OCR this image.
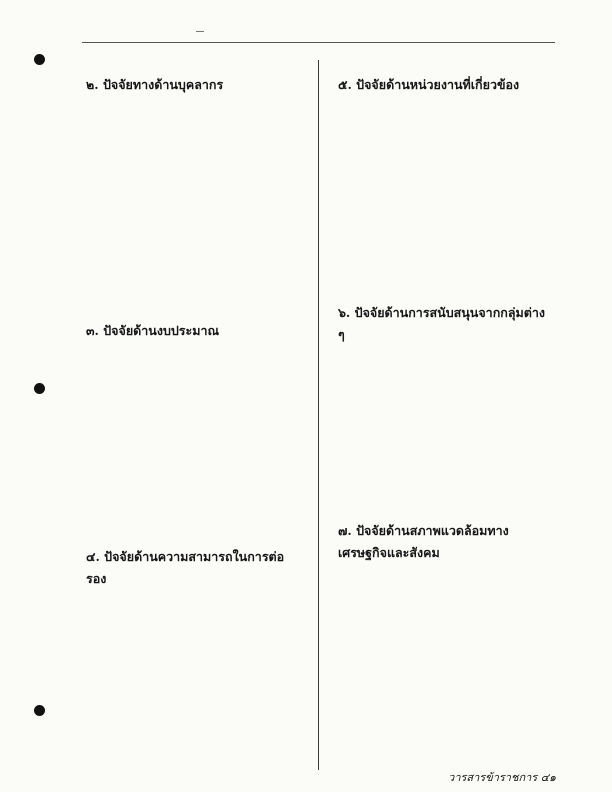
๒. ปัจจัยทางด้านบุคลากร
๓. ปัจจัยด้านงบประมาณ
๔. ปัจจัยด้านความสามารถในการต่อรอง
๕. ปัจจัยด้านหน่วยงานที่เกี่ยวข้อง
๖. ปัจจัยด้านการสนับสนุนจากกลุ่มต่าง ๆ
๗. ปัจจัยด้านสภาพแวดล้อมทางเศรษฐกิจและสังคม
วารสารข้าราชการ ๔๑
